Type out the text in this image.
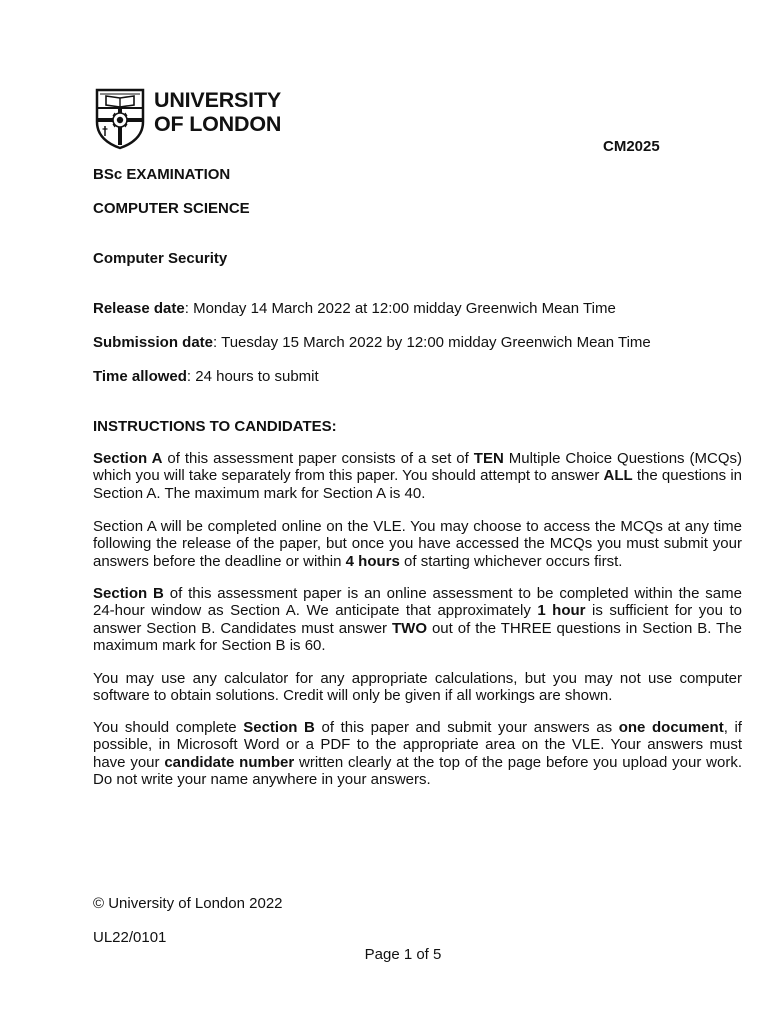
UNIVERSITY
OF LONDON
CM2025
BSc EXAMINATION
COMPUTER SCIENCE
Computer Security
Release date: Monday 14 March 2022 at 12:00 midday Greenwich Mean Time
Submission date: Tuesday 15 March 2022 by 12:00 midday Greenwich Mean Time
Time allowed: 24 hours to submit
INSTRUCTIONS TO CANDIDATES:
Section A of this assessment paper consists of a set of TEN Multiple Choice Questions (MCQs) which you will take separately from this paper. You should attempt to answer ALL the questions in Section A. The maximum mark for Section A is 40.
Section A will be completed online on the VLE. You may choose to access the MCQs at any time following the release of the paper, but once you have accessed the MCQs you must submit your answers before the deadline or within 4 hours of starting whichever occurs first.
Section B of this assessment paper is an online assessment to be completed within the same 24-hour window as Section A. We anticipate that approximately 1 hour is sufficient for you to answer Section B. Candidates must answer TWO out of the THREE questions in Section B. The maximum mark for Section B is 60.
You may use any calculator for any appropriate calculations, but you may not use computer software to obtain solutions. Credit will only be given if all workings are shown.
You should complete Section B of this paper and submit your answers as one document, if possible, in Microsoft Word or a PDF to the appropriate area on the VLE. Your answers must have your candidate number written clearly at the top of the page before you upload your work. Do not write your name anywhere in your answers.
© University of London 2022
UL22/0101
Page 1 of 5
